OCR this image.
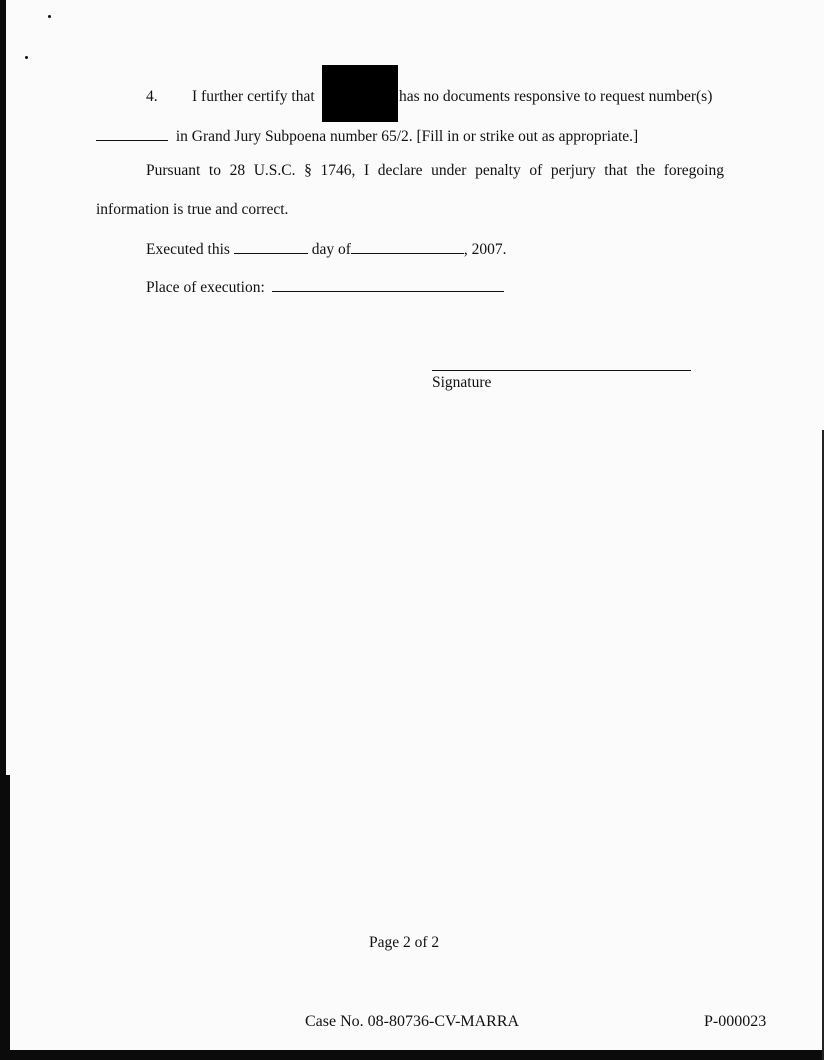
4. I further certify that	has no documents responsive to request number(s)
in Grand Jury Subpoena number 65/2. [Fill in or strike out as appropriate.]
Pursuant to 28 U.S.C. § 1746, I declare under penalty of perjury that the foregoing
information is true and correct.
Executed this	day of	, 2007.
Place of execution:
Signature
Page 2 of 2
Case No. 08-80736-CV-MARRA	P-000023
